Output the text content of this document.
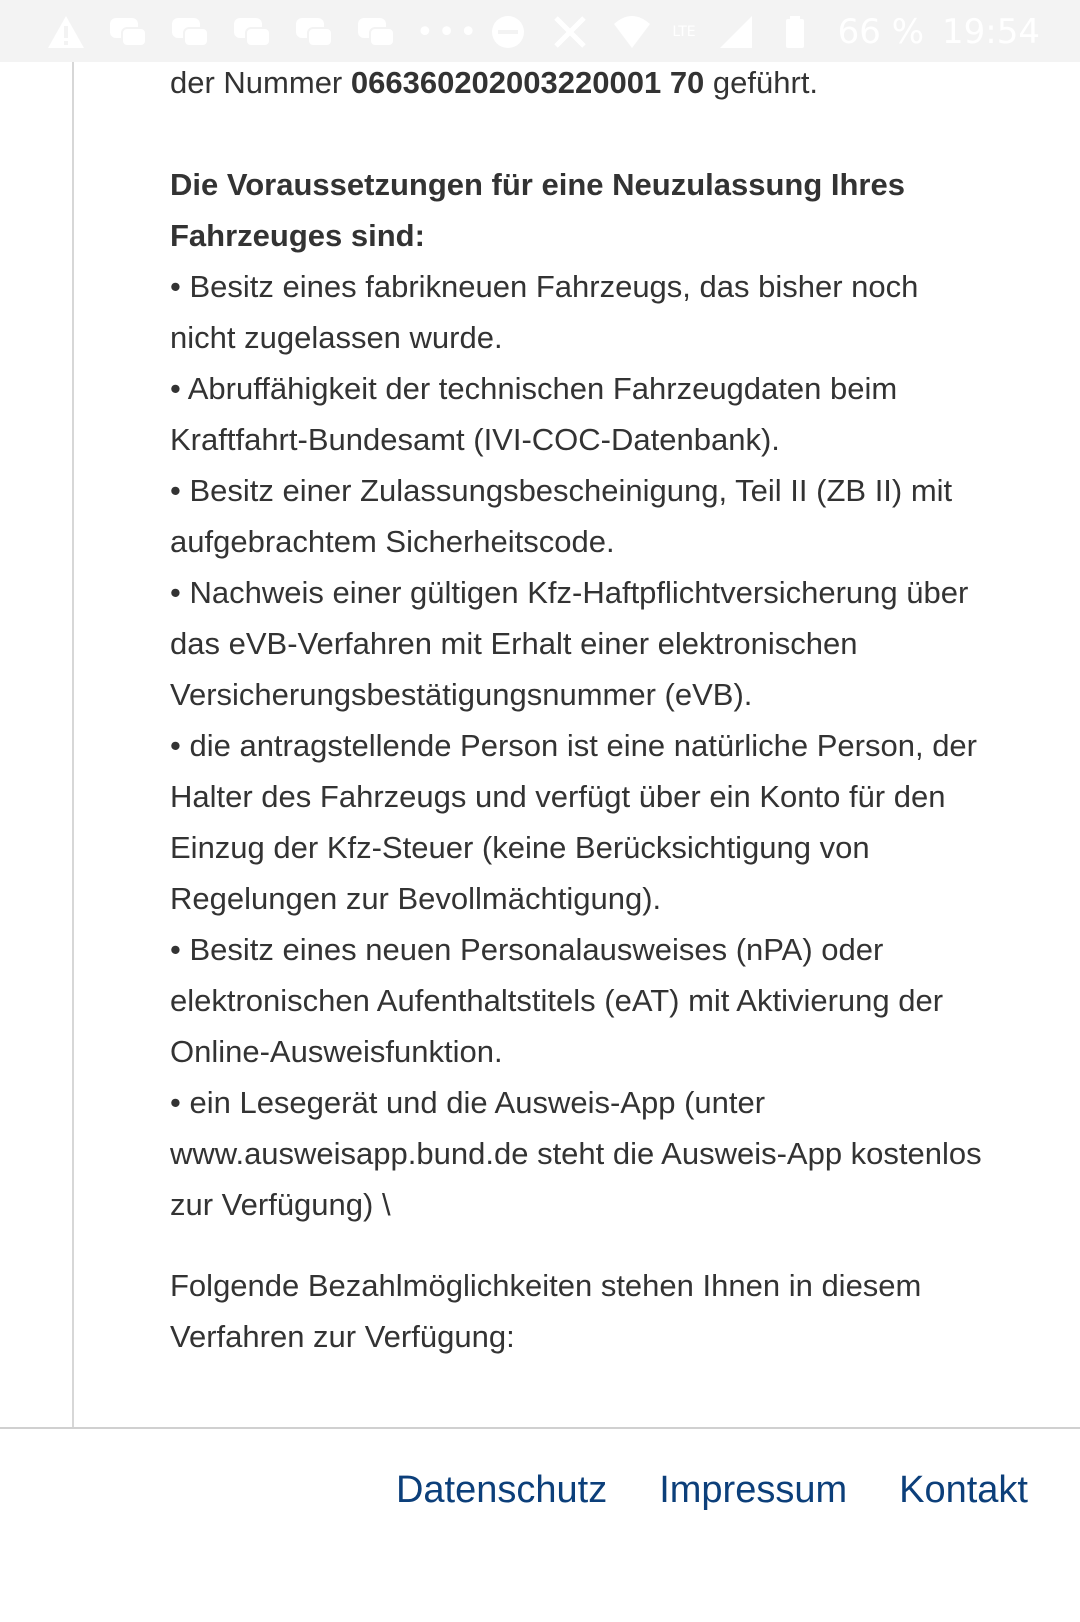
•••	LTE	66 % 19:54

der Nummer 066360202003220001 70 geführt.

Die Voraussetzungen für eine Neuzulassung Ihres Fahrzeuges sind:

• Besitz eines fabrikneuen Fahrzeugs, das bisher noch nicht zugelassen wurde.

• Abruffähigkeit der technischen Fahrzeugdaten beim Kraftfahrt-Bundesamt (IVI-COC-Datenbank).

• Besitz einer Zulassungsbescheinigung, Teil II (ZB II) mit aufgebrachtem Sicherheitscode.

• Nachweis einer gültigen Kfz-Haftpflichtversicherung über das eVB-Verfahren mit Erhalt einer elektronischen Versicherungsbestätigungsnummer (eVB).

• die antragstellende Person ist eine natürliche Person, der Halter des Fahrzeugs und verfügt über ein Konto für den Einzug der Kfz-Steuer (keine Berücksichtigung von Regelungen zur Bevollmächtigung).

• Besitz eines neuen Personalausweises (nPA) oder elektronischen Aufenthaltstitels (eAT) mit Aktivierung der Online-Ausweisfunktion.

• ein Lesegerät und die Ausweis-App (unter www.ausweisapp.bund.de steht die Ausweis-App kostenlos zur Verfügung) \

Folgende Bezahlmöglichkeiten stehen Ihnen in diesem Verfahren zur Verfügung:

Datenschutz Impressum Kontakt
